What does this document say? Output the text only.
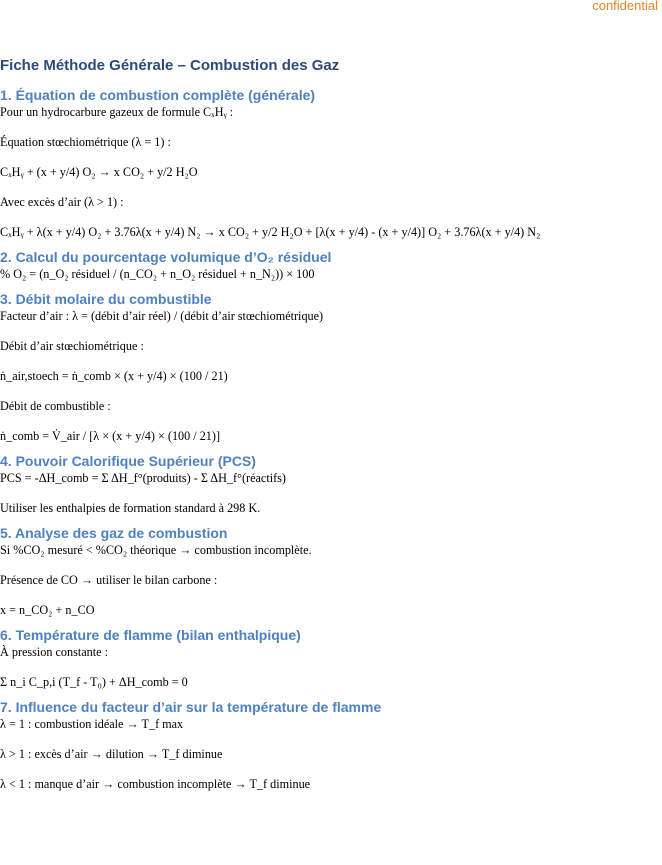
confidential
Fiche Méthode Générale – Combustion des Gaz
1. Équation de combustion complète (générale)

Pour un hydrocarbure gazeux de formule CₓHᵧ :

Équation stœchiométrique (λ = 1) :

CₓHᵧ + (x + y/4) O₂ → x CO₂ + y/2 H₂O

Avec excès d’air (λ > 1) :

CₓHᵧ + λ(x + y/4) O₂ + 3.76λ(x + y/4) N₂ → x CO₂ + y/2 H₂O + [λ(x + y/4) - (x + y/4)] O₂ + 3.76λ(x + y/4) N₂

2. Calcul du pourcentage volumique d’O₂ résiduel

% O₂ = (n_O₂ résiduel / (n_CO₂ + n_O₂ résiduel + n_N₂)) × 100

3. Débit molaire du combustible

Facteur d’air : λ = (débit d’air réel) / (débit d’air stœchiométrique)

Débit d’air stœchiométrique :

ṅ_air,stoech = ṅ_comb × (x + y/4) × (100 / 21)

Débit de combustible :

ṅ_comb = V̇_air / [λ × (x + y/4) × (100 / 21)]

4. Pouvoir Calorifique Supérieur (PCS)

PCS = -ΔH_comb = Σ ΔH_f°(produits) - Σ ΔH_f°(réactifs)

Utiliser les enthalpies de formation standard à 298 K.

5. Analyse des gaz de combustion

Si %CO₂ mesuré < %CO₂ théorique → combustion incomplète.

Présence de CO → utiliser le bilan carbone :

x = n_CO₂ + n_CO

6. Température de flamme (bilan enthalpique)

À pression constante :

Σ n_i C_p,i (T_f - T₀) + ΔH_comb = 0

7. Influence du facteur d’air sur la température de flamme

λ = 1 : combustion idéale → T_f max

λ > 1 : excès d’air → dilution → T_f diminue

λ < 1 : manque d’air → combustion incomplète → T_f diminue
